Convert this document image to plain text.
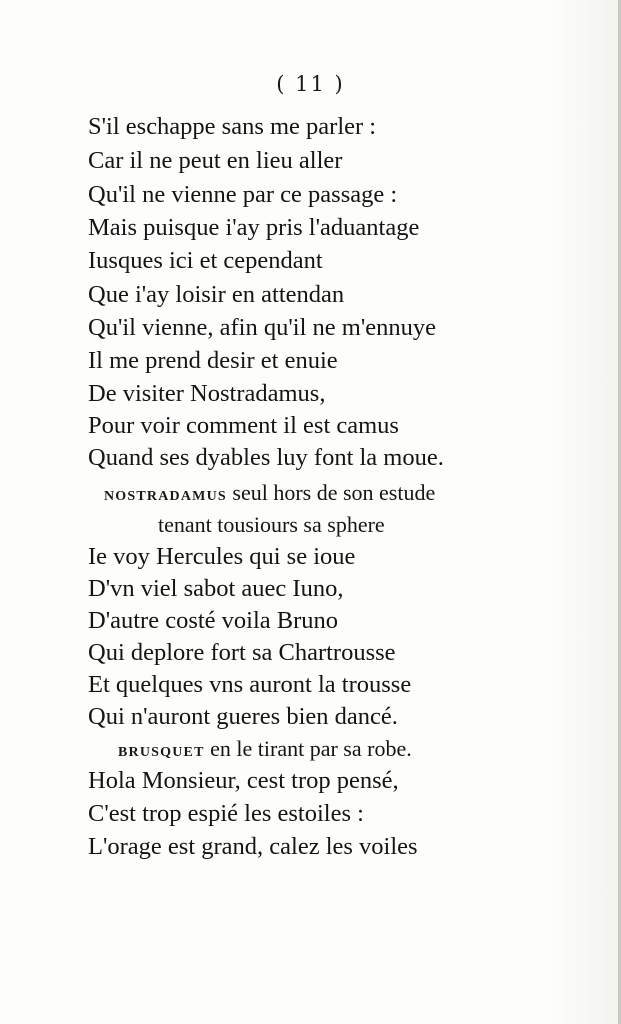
( 11 )
S'il eschappe sans me parler :
Car il ne peut en lieu aller
Qu'il ne vienne par ce passage :
Mais puisque i'ay pris l'aduantage
Iusques ici et cependant
Que i'ay loisir en attendan
Qu'il vienne, afin qu'il ne m'ennuye
Il me prend desir et enuie
De visiter Nostradamus,
Pour voir comment il est camus
Quand ses dyables luy font la moue.
NOSTRADAMUS seul hors de son estude
tenant tousiours sa sphere
Ie voy Hercules qui se ioue
D'vn viel sabot auec Iuno,
D'autre costé voila Bruno
Qui deplore fort sa Chartrousse
Et quelques vns auront la trousse
Qui n'auront gueres bien dancé.
BRUSQUET en le tirant par sa robe.
Hola Monsieur, cest trop pensé,
C'est trop espié les estoiles :
L'orage est grand, calez les voiles
